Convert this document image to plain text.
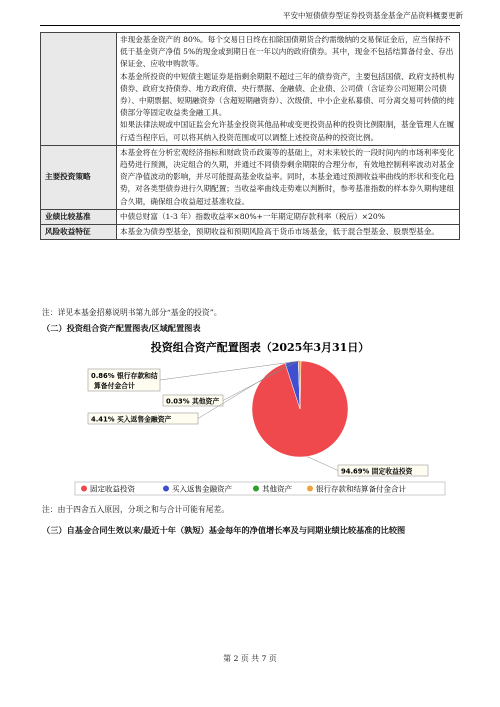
平安中短债债券型证券投资基金基金产品资料概要更新

	非现金基金资产的 80%。每个交易日日终在扣除国债期货合约需缴纳的交易保证金后，应当保持不低于基金资产净值 5%的现金或到期日在一年以内的政府债券。其中，现金不包括结算备付金、存出保证金、应收申购款等。
本基金所投资的中短债主题证券是指剩余期限不超过三年的债券资产，主要包括国债、政府支持机构债券、政府支持债券、地方政府债、央行票据、金融债、企业债、公司债（含证券公司短期公司债券）、中期票据、短期融资券（含超短期融资券）、次级债、中小企业私募债、可分离交易可转债的纯债部分等固定收益类金融工具。
如果法律法规或中国证监会允许基金投资其他品种或变更投资品种的投资比例限制，基金管理人在履行适当程序后，可以将其纳入投资范围或可以调整上述投资品种的投资比例。

主要投资策略	本基金将在分析宏观经济指标和财政货币政策等的基础上，对未来较长的一段时间内的市场利率变化趋势进行预测，决定组合的久期，并通过不同债券剩余期限的合理分布，有效地控制利率波动对基金资产净值波动的影响，并尽可能提高基金收益率。同时，本基金通过预测收益率曲线的形状和变化趋势，对各类型债券进行久期配置；当收益率曲线走势难以判断时，参考基准指数的样本券久期构建组合久期，确保组合收益超过基准收益。
业绩比较基准	中债总财富（1-3 年）指数收益率×80%+一年期定期存款利率（税后）×20%
风险收益特征	本基金为债券型基金，预期收益和预期风险高于货币市场基金，低于混合型基金、股票型基金。
注：详见本基金招募说明书第九部分“基金的投资”。
（二）投资组合资产配置图表/区域配置图表
投资组合资产配置图表（2025年3月31日）
0.86% 银行存款和结
算备付金合计
0.03% 其他资产
4.41% 买入返售金融资产
94.69% 固定收益投资
固定收益投资	买入返售金融资产	其他资产	银行存款和结算备付金合计
注：由于四舍五入原因，分项之和与合计可能有尾差。
（三）自基金合同生效以来/最近十年（孰短）基金每年的净值增长率及与同期业绩比较基准的比较图
第 2 页 共 7 页
